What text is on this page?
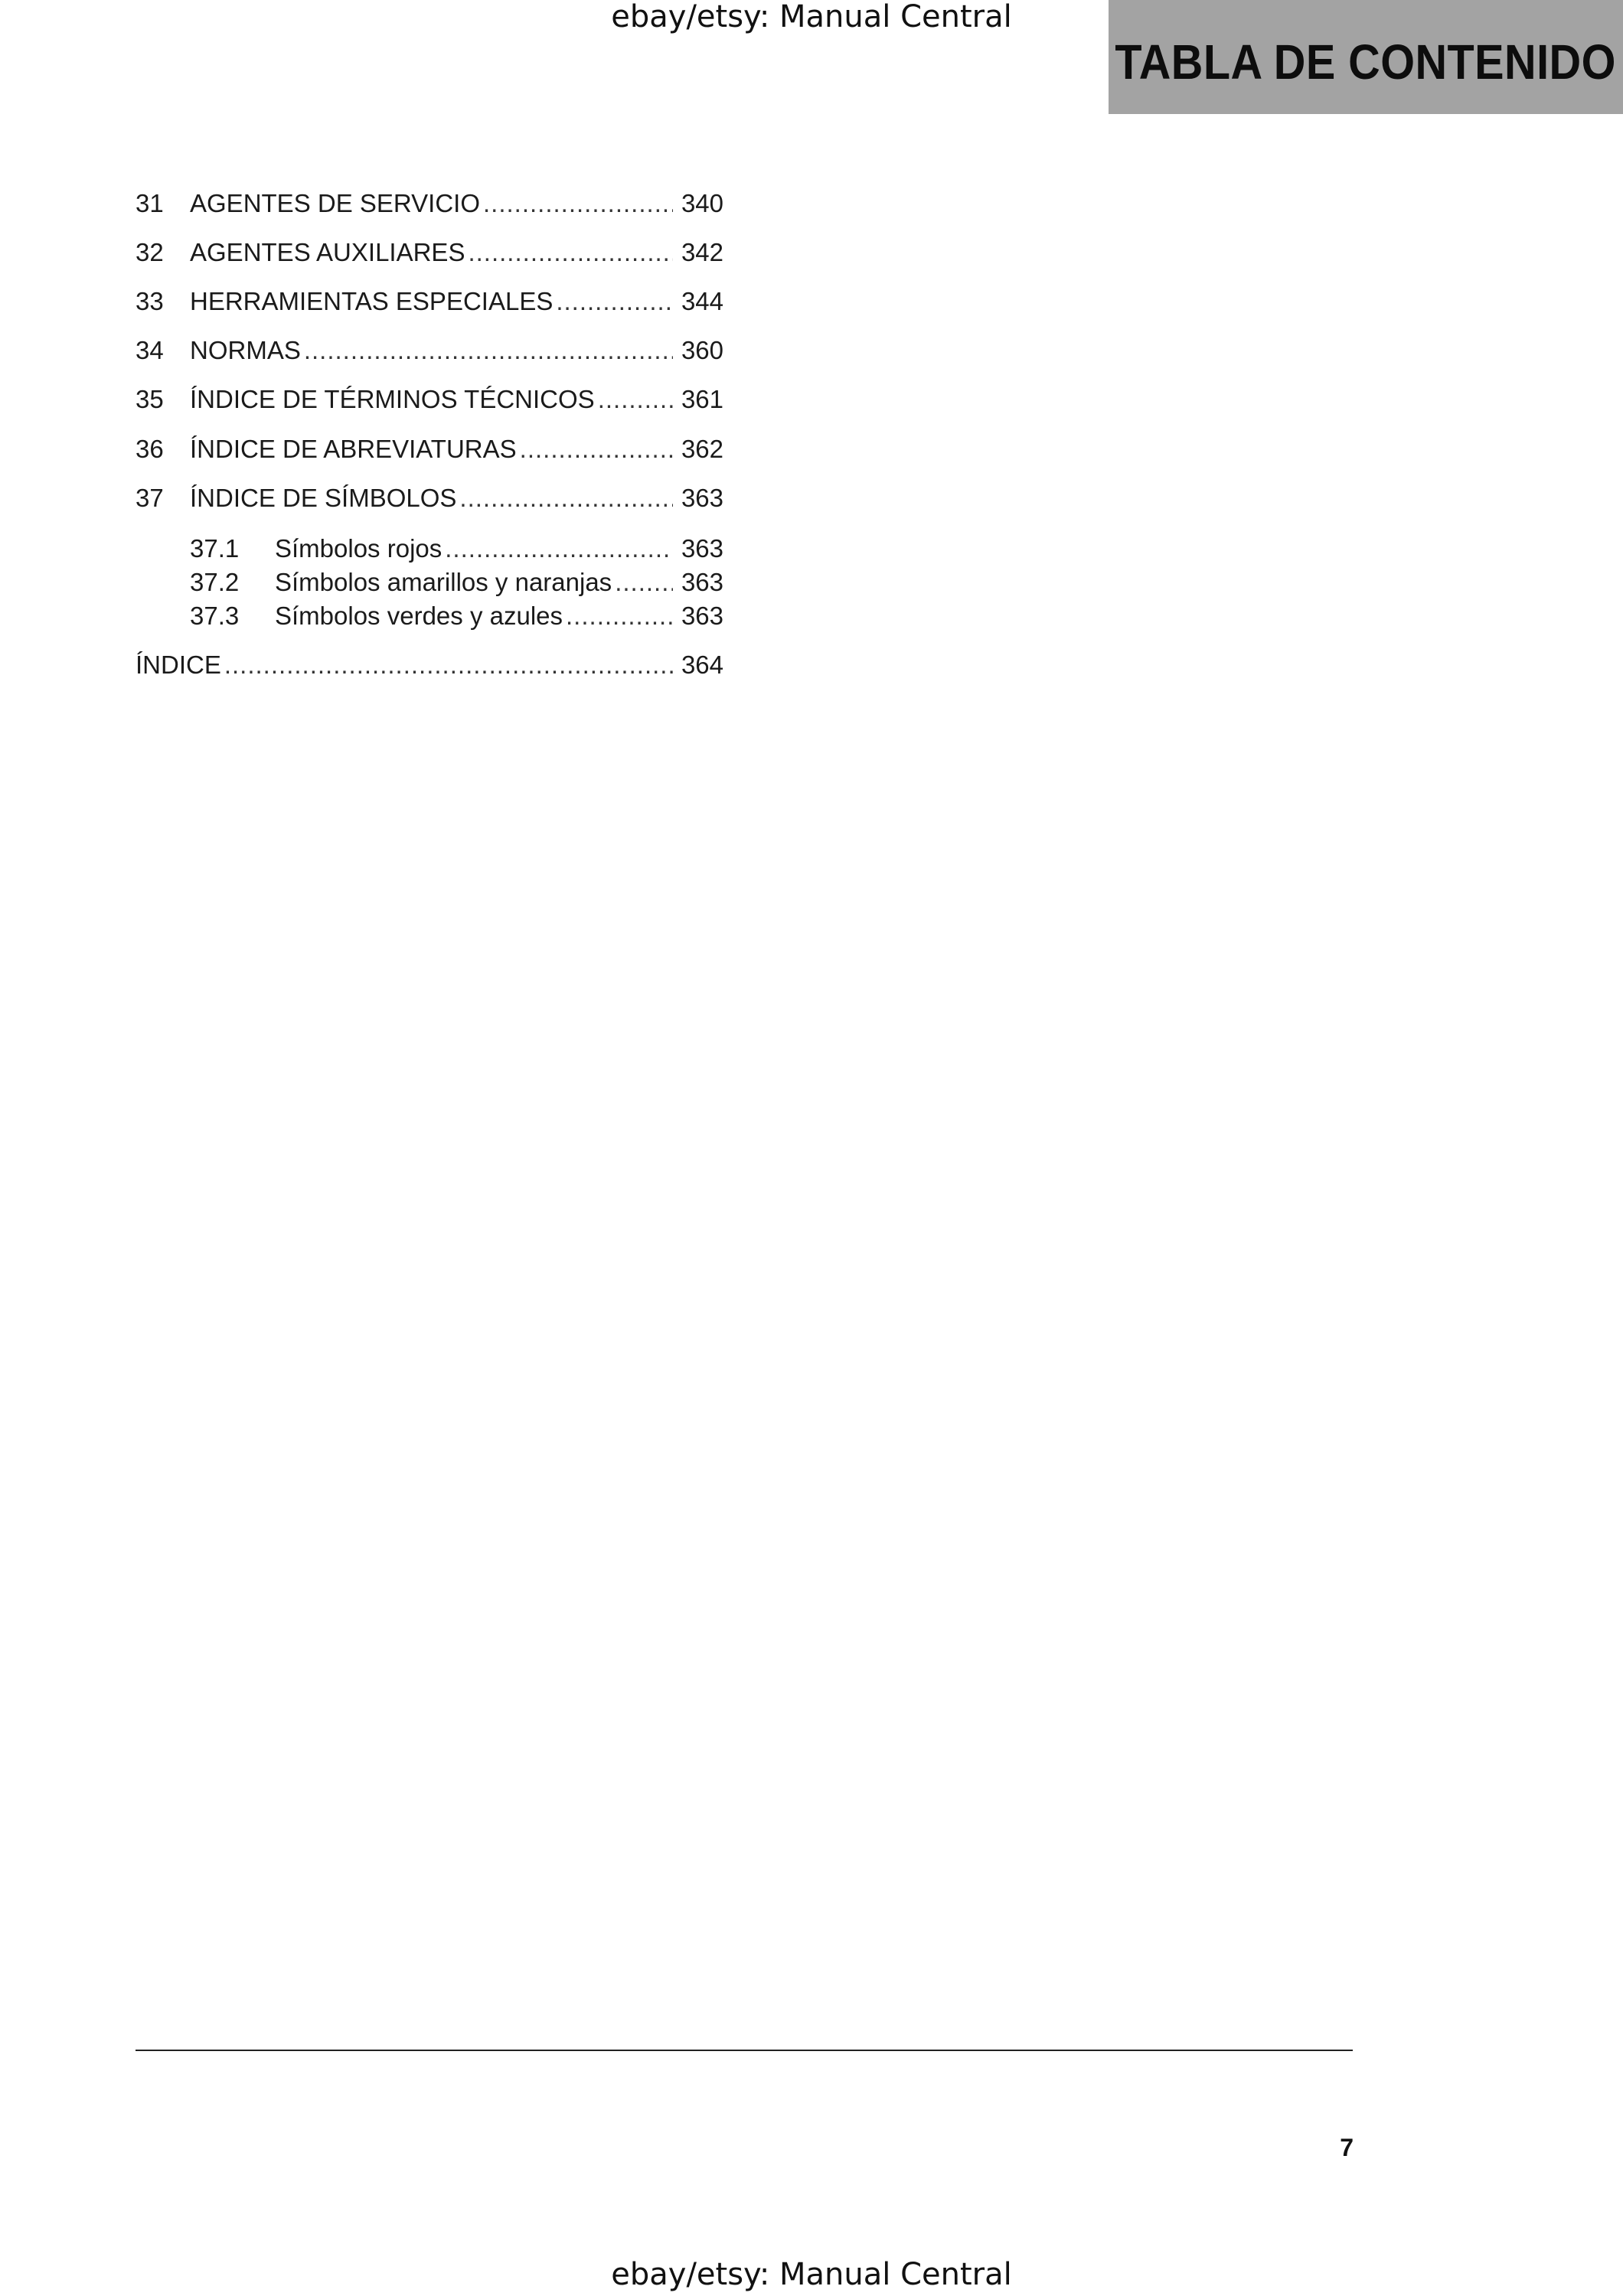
ebay/etsy: Manual Central
TABLA DE CONTENIDO
31	AGENTES DE SERVICIO .....	340
32	AGENTES AUXILIARES .....	342
33	HERRAMIENTAS ESPECIALES .....	344
34	NORMAS .....	360
35	ÍNDICE DE TÉRMINOS TÉCNICOS .....	361
36	ÍNDICE DE ABREVIATURAS .....	362
37	ÍNDICE DE SÍMBOLOS .....	363
37.1	Símbolos rojos .....	363
37.2	Símbolos amarillos y naranjas .....	363
37.3	Símbolos verdes y azules .....	363
ÍNDICE .....	364
7
ebay/etsy: Manual Central
